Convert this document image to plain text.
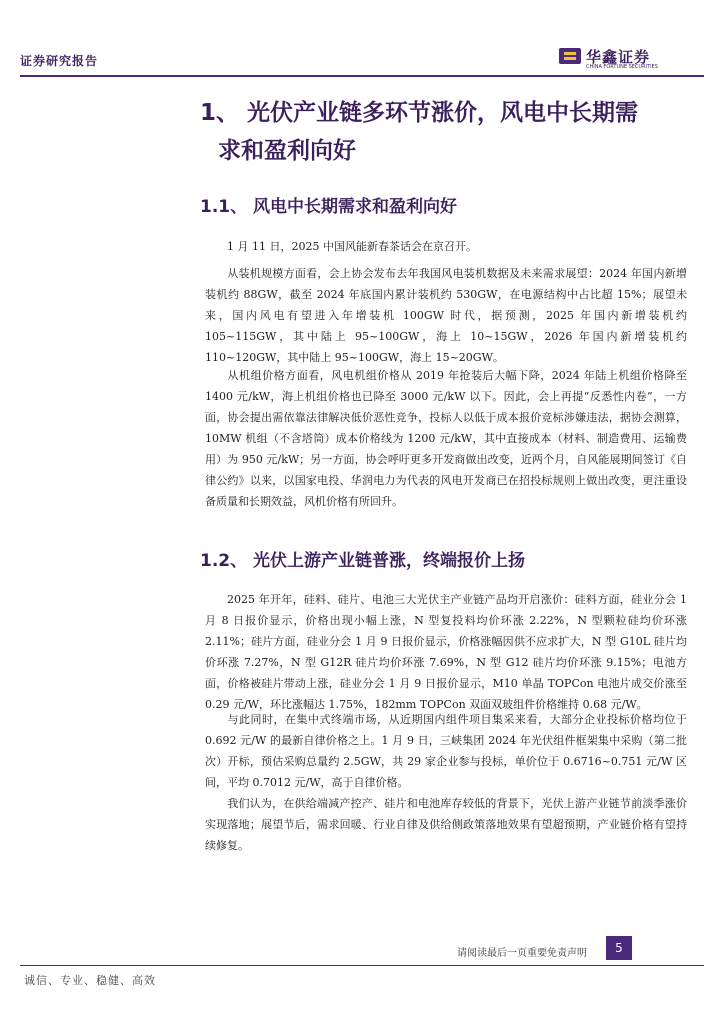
证券研究报告	华鑫证券
CHINA FORTUNE SECURITIES
1、 光伏产业链多环节涨价，风电中长期需
求和盈利向好
1.1、 风电中长期需求和盈利向好
1 月 11 日，2025 中国风能新春茶话会在京召开。
从装机规模方面看，会上协会发布去年我国风电装机数据及未来需求展望：2024 年国内新增装机约 88GW，截至 2024 年底国内累计装机约 530GW，在电源结构中占比超 15%；展望未来，国内风电有望进入年增装机 100GW 时代，据预测，2025 年国内新增装机约 105~115GW，其中陆上 95~100GW，海上 10~15GW，2026 年国内新增装机约 110~120GW，其中陆上 95~100GW，海上 15~20GW。
从机组价格方面看，风电机组价格从 2019 年抢装后大幅下降，2024 年陆上机组价格降至 1400 元/kW，海上机组价格也已降至 3000 元/kW 以下。因此，会上再提“反悉性内卷”，一方面，协会提出需依靠法律解决低价恶性竞争，投标人以低于成本报价竞标涉嫌违法，据协会测算，10MW 机组（不含塔筒）成本价格线为 1200 元/kW，其中直接成本（材料、制造费用、运输费用）为 950 元/kW；另一方面，协会呼吁更多开发商做出改变，近两个月，自风能展期间签订《自律公约》以来，以国家电投、华润电力为代表的风电开发商已在招投标规则上做出改变，更注重设备质量和长期效益，风机价格有所回升。
1.2、 光伏上游产业链普涨，终端报价上扬
2025 年开年，硅料、硅片、电池三大光伏主产业链产品均开启涨价：硅料方面，硅业分会 1 月 8 日报价显示，价格出现小幅上涨，N 型复投料均价环涨 2.22%，N 型颗粒硅均价环涨 2.11%；硅片方面，硅业分会 1 月 9 日报价显示，价格涨幅因供不应求扩大，N 型 G10L 硅片均价环涨 7.27%，N 型 G12R 硅片均价环涨 7.69%，N 型 G12 硅片均价环涨 9.15%；电池方面，价格被硅片带动上涨，硅业分会 1 月 9 日报价显示，M10 单晶 TOPCon 电池片成交价涨至 0.29 元/W，环比涨幅达 1.75%，182mm TOPCon 双面双玻组件价格维持 0.68 元/W。
与此同时，在集中式终端市场，从近期国内组件项目集采来看，大部分企业投标价格均位于 0.692 元/W 的最新自律价格之上。1 月 9 日，三峡集团 2024 年光伏组件框架集中采购（第二批次）开标，预估采购总量约 2.5GW，共 29 家企业参与投标，单价位于 0.6716~0.751 元/W 区间，平均 0.7012 元/W，高于自律价格。
我们认为，在供给端减产控产、硅片和电池库存较低的背景下，光伏上游产业链节前淡季涨价实现落地；展望节后，需求回暖、行业自律及供给侧政策落地效果有望超预期，产业链价格有望持续修复。
请阅读最后一页重要免责声明	5
诚信、专业、稳健、高效
